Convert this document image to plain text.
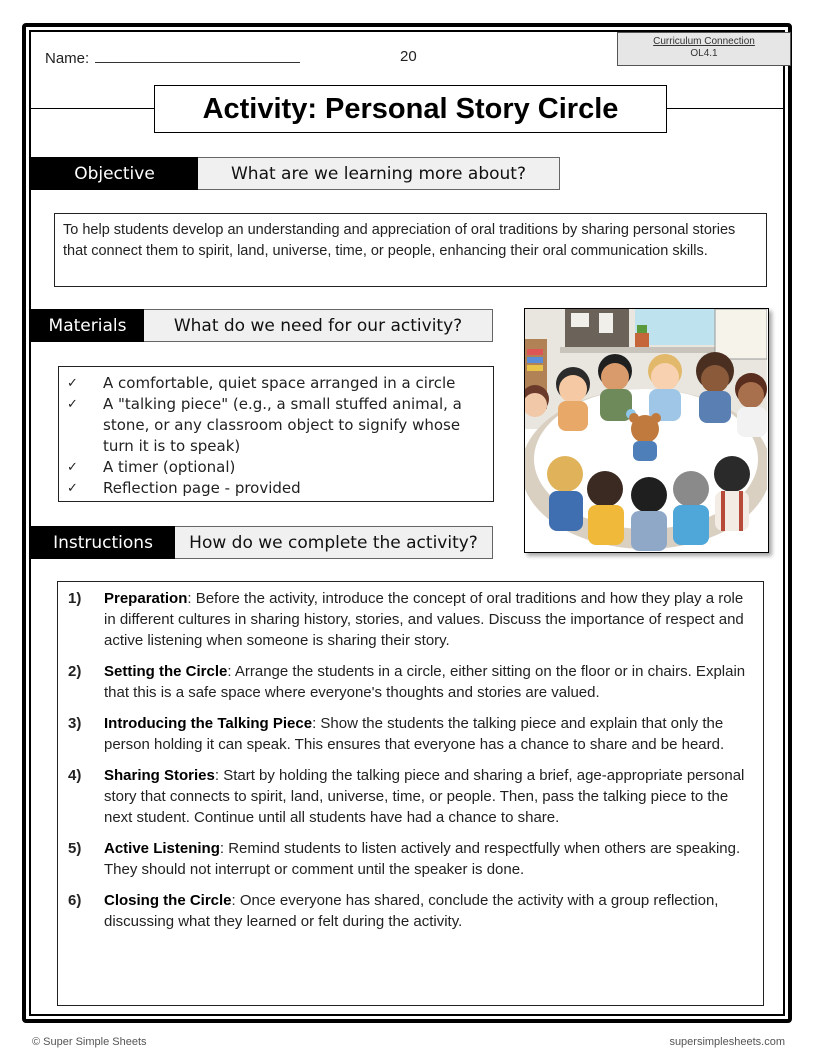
Name:	20
Curriculum Connection
OL4.1
Activity: Personal Story Circle
Objective	What are we learning more about?
To help students develop an understanding and appreciation of oral traditions by sharing personal stories that connect them to spirit, land, universe, time, or people, enhancing their oral communication skills.
Materials	What do we need for our activity?
✓	A comfortable, quiet space arranged in a circle
✓	A "talking piece" (e.g., a small stuffed animal, a stone, or any classroom object to signify whose turn it is to speak)
✓	A timer (optional)
✓	Reflection page - provided
Instructions	How do we complete the activity?
1)	Preparation: Before the activity, introduce the concept of oral traditions and how they play a role in different cultures in sharing history, stories, and values. Discuss the importance of respect and active listening when someone is sharing their story.
2)	Setting the Circle: Arrange the students in a circle, either sitting on the floor or in chairs. Explain that this is a safe space where everyone's thoughts and stories are valued.
3)	Introducing the Talking Piece: Show the students the talking piece and explain that only the person holding it can speak. This ensures that everyone has a chance to share and be heard.
4)	Sharing Stories: Start by holding the talking piece and sharing a brief, age-appropriate personal story that connects to spirit, land, universe, time, or people. Then, pass the talking piece to the next student. Continue until all students have had a chance to share.
5)	Active Listening: Remind students to listen actively and respectfully when others are speaking. They should not interrupt or comment until the speaker is done.
6)	Closing the Circle: Once everyone has shared, conclude the activity with a group reflection, discussing what they learned or felt during the activity.
© Super Simple Sheets	supersimplesheets.com
